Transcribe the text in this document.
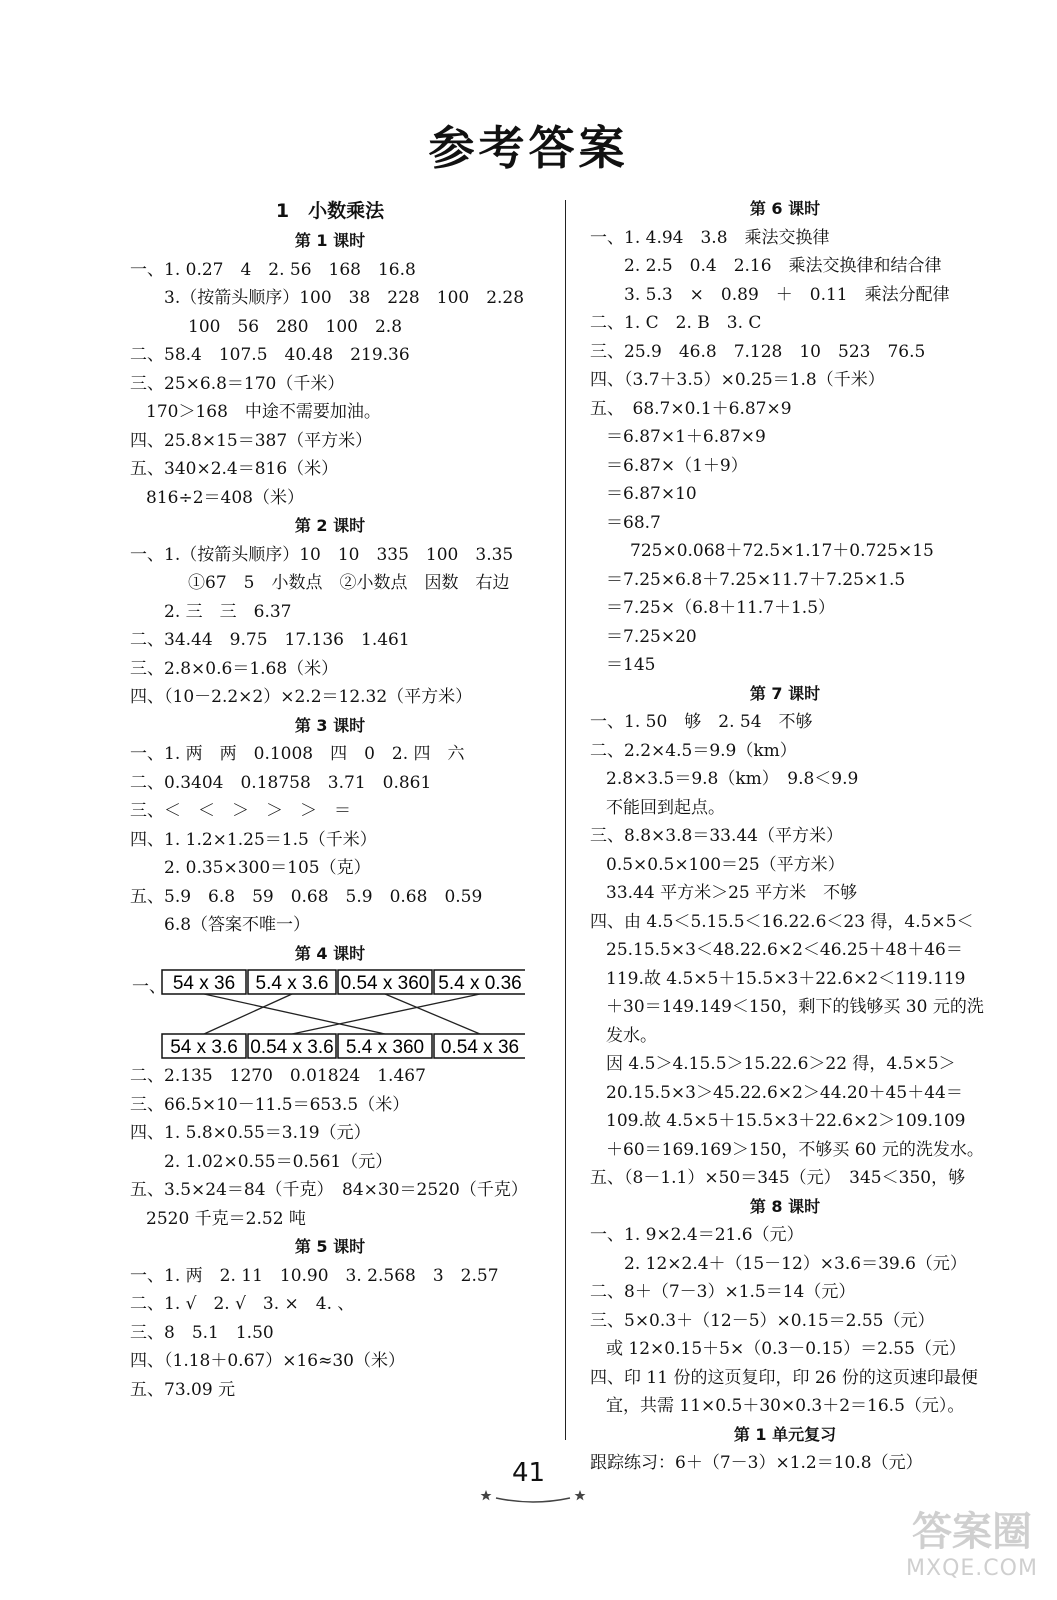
参考答案
1　小数乘法
第 1 课时
一、1. 0.27　4　2. 56　168　16.8
3.（按箭头顺序）100　38　228　100　2.28
100　56　280　100　2.8
二、58.4　107.5　40.48　219.36
三、25×6.8＝170（千米）
170＞168　中途不需要加油。
四、25.8×15＝387（平方米）
五、340×2.4＝816（米）
816÷2＝408（米）
第 2 课时
一、1.（按箭头顺序）10　10　335　100　3.35
①67　5　小数点　②小数点　因数　右边
2. 三　三　6.37
二、34.44　9.75　17.136　1.461
三、2.8×0.6＝1.68（米）
四、（10－2.2×2）×2.2＝12.32（平方米）
第 3 课时
一、1. 两　两　0.1008　四　0　2. 四　六
二、0.3404　0.18758　3.71　0.861
三、＜　＜　＞　＞　＞　＝
四、1. 1.2×1.25＝1.5（千米）
2. 0.35×300＝105（克）
五、5.9　6.8　59　0.68　5.9　0.68　0.59
6.8（答案不唯一）
第 4 课时
一、 54 x 36 5.4 x 3.6 0.54 x 360 5.4 x 0.36
54 x 3.6 0.54 x 3.6 5.4 x 360 0.54 x 36
二、2.135　1270　0.01824　1.467
三、66.5×10－11.5＝653.5（米）
四、1. 5.8×0.55＝3.19（元）
2. 1.02×0.55＝0.561（元）
五、3.5×24＝84（千克）　84×30＝2520（千克）
2520 千克＝2.52 吨
第 5 课时
一、1. 两　2. 11　10.90　3. 2.568　3　2.57
二、1. √　2. √　3. ×　4. 、
三、8　5.1　1.50
四、（1.18＋0.67）×16≈30（米）
五、73.09 元
第 6 课时
一、1. 4.94　3.8　乘法交换律
2. 2.5　0.4　2.16　乘法交换律和结合律
3. 5.3　×　0.89　＋　0.11　乘法分配律
二、1. C　2. B　3. C
三、25.9　46.8　7.128　10　523　76.5
四、（3.7＋3.5）×0.25＝1.8（千米）
五、　68.7×0.1＋6.87×9
＝6.87×1＋6.87×9
＝6.87×（1＋9）
＝6.87×10
＝68.7
725×0.068＋72.5×1.17＋0.725×15
＝7.25×6.8＋7.25×11.7＋7.25×1.5
＝7.25×（6.8＋11.7＋1.5）
＝7.25×20
＝145
第 7 课时
一、1. 50　够　2. 54　不够
二、2.2×4.5＝9.9（km）
2.8×3.5＝9.8（km）　9.8＜9.9
不能回到起点。
三、8.8×3.8＝33.44（平方米）
0.5×0.5×100＝25（平方米）
33.44 平方米＞25 平方米　不够
四、由 4.5＜5.15.5＜16.22.6＜23 得，4.5×5＜
25.15.5×3＜48.22.6×2＜46.25＋48＋46＝
119.故 4.5×5＋15.5×3＋22.6×2＜119.119
＋30＝149.149＜150，剩下的钱够买 30 元的洗
发水。
因 4.5＞4.15.5＞15.22.6＞22 得，4.5×5＞
20.15.5×3＞45.22.6×2＞44.20＋45＋44＝
109.故 4.5×5＋15.5×3＋22.6×2＞109.109
＋60＝169.169＞150，不够买 60 元的洗发水。
五、（8－1.1）×50＝345（元）　345＜350，够
第 8 课时
一、1. 9×2.4＝21.6（元）
2. 12×2.4＋（15－12）×3.6＝39.6（元）
二、8＋（7－3）×1.5＝14（元）
三、5×0.3＋（12－5）×0.15＝2.55（元）
或 12×0.15＋5×（0.3－0.15）＝2.55（元）
四、印 11 份的这页复印，印 26 份的这页速印最便
宜，共需 11×0.5＋30×0.3＋2＝16.5（元）。
第 1 单元复习
跟踪练习：6＋（7－3）×1.2＝10.8（元）
41
答案圈
MXQE.COM
